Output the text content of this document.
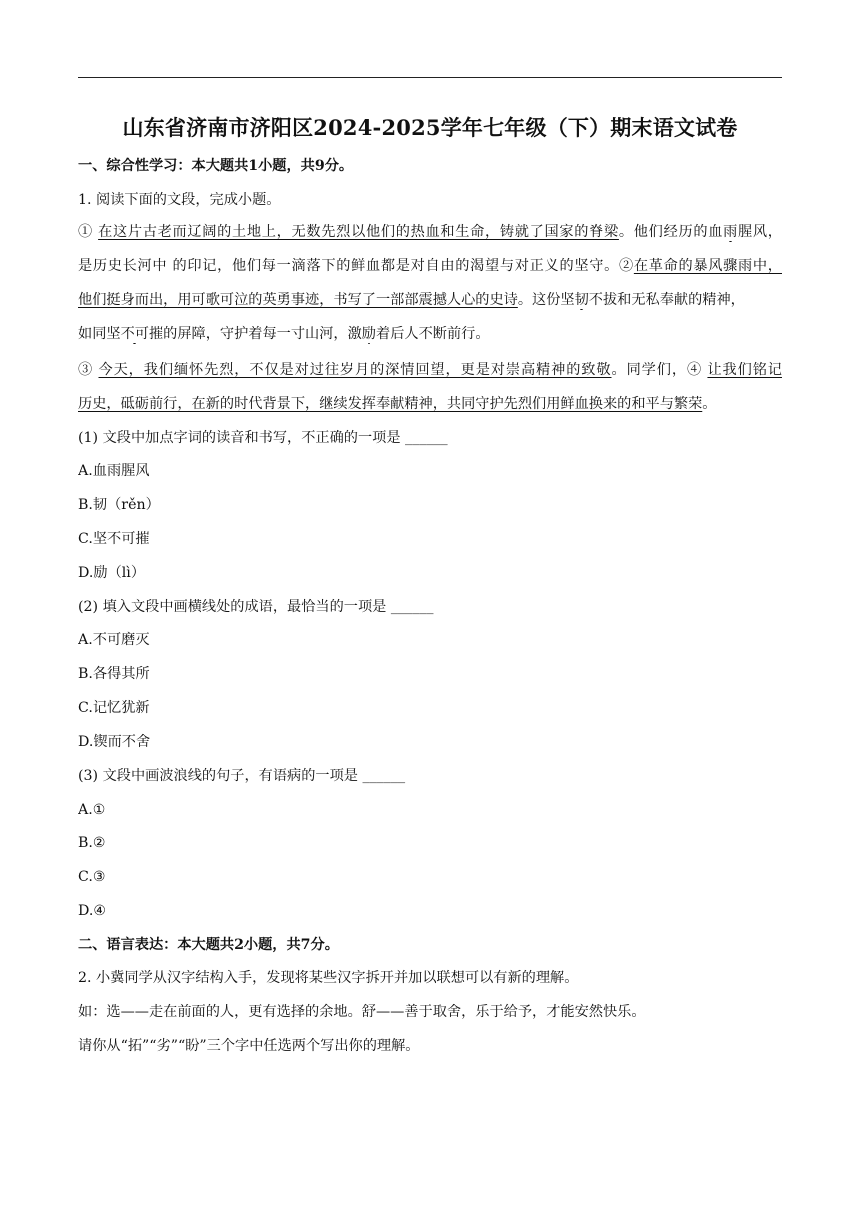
山东省济南市济阳区2024-2025学年七年级（下）期末语文试卷
一、综合性学习：本大题共1小题，共9分。
1. 阅读下面的文段，完成小题。
① 在这片古老而辽阔的土地上，无数先烈以他们的热血和生命，铸就了国家的脊梁。他们经历的血雨腥风，
是历史长河中 的印记，他们每一滴落下的鲜血都是对自由的渴望与对正义的坚守。②在革命的暴风骤雨中，
他们挺身而出，用可歌可泣的英勇事迹，书写了一部部震撼人心的史诗。这份坚韧不拔和无私奉献的精神，
如同坚不可摧的屏障，守护着每一寸山河，激励着后人不断前行。
③ 今天，我们缅怀先烈，不仅是对过往岁月的深情回望，更是对崇高精神的致敬。同学们，④ 让我们铭记
历史，砥砺前行，在新的时代背景下，继续发挥奉献精神，共同守护先烈们用鲜血换来的和平与繁荣。
(1) 文段中加点字词的读音和书写，不正确的一项是 ______
A.血雨腥风
B.韧（rěn）
C.坚不可摧
D.励（lì）
(2) 填入文段中画横线处的成语，最恰当的一项是 ______
A.不可磨灭
B.各得其所
C.记忆犹新
D.锲而不舍
(3) 文段中画波浪线的句子，有语病的一项是 ______
A.①
B.②
C.③
D.④
二、语言表达：本大题共2小题，共7分。
2. 小冀同学从汉字结构入手，发现将某些汉字拆开并加以联想可以有新的理解。
如：选——走在前面的人，更有选择的余地。舒——善于取舍，乐于给予，才能安然快乐。
请你从“拓”“劣”“盼”三个字中任选两个写出你的理解。
